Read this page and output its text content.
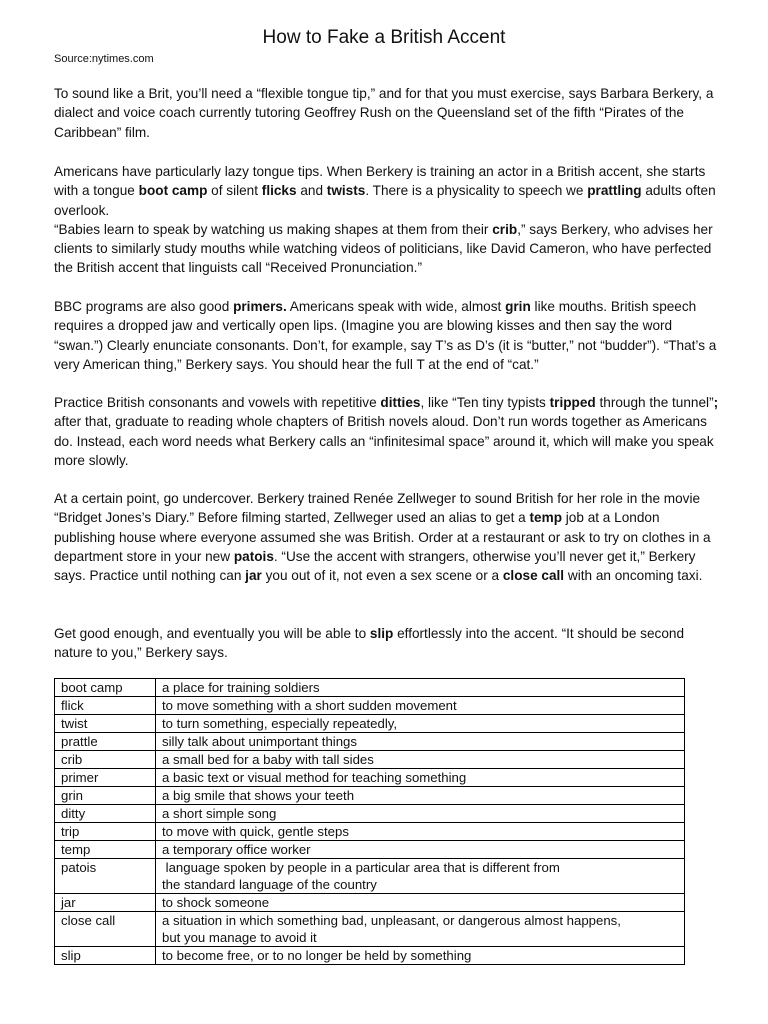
How to Fake a British Accent
Source:nytimes.com

To sound like a Brit, you’ll need a “flexible tongue tip,” and for that you must exercise, says Barbara Berkery, a dialect and voice coach currently tutoring Geoffrey Rush on the Queensland set of the fifth “Pirates of the Caribbean” film.

Americans have particularly lazy tongue tips. When Berkery is training an actor in a British accent, she starts with a tongue boot camp of silent flicks and twists. There is a physicality to speech we prattling adults often overlook.
“Babies learn to speak by watching us making shapes at them from their crib,” says Berkery, who advises her clients to similarly study mouths while watching videos of politicians, like David Cameron, who have perfected the British accent that linguists call “Received Pronunciation.”
BBC programs are also good primers. Americans speak with wide, almost grin like mouths. British speech requires a dropped jaw and vertically open lips. (Imagine you are blowing kisses and then say the word “swan.”) Clearly enunciate consonants. Don’t, for example, say T’s as D’s (it is “butter,” not “budder”). “That’s a very American thing,” Berkery says. You should hear the full T at the end of “cat.”
Practice British consonants and vowels with repetitive ditties, like “Ten tiny typists tripped through the tunnel”; after that, graduate to reading whole chapters of British novels aloud. Don’t run words together as Americans do. Instead, each word needs what Berkery calls an “infinitesimal space” around it, which will make you speak more slowly.
At a certain point, go undercover. Berkery trained Renée Zellweger to sound British for her role in the movie “Bridget Jones’s Diary.” Before filming started, Zellweger used an alias to get a temp job at a London publishing house where everyone assumed she was British. Order at a restaurant or ask to try on clothes in a department store in your new patois. “Use the accent with strangers, otherwise you’ll never get it,” Berkery says. Practice until nothing can jar you out of it, not even a sex scene or a close call with an oncoming taxi.
Get good enough, and eventually you will be able to slip effortlessly into the accent. “It should be second nature to you,” Berkery says.
boot camp	a place for training soldiers
flick	to move something with a short sudden movement
twist	to turn something, especially repeatedly,
prattle	silly talk about unimportant things
crib	a small bed for a baby with tall sides
primer	a basic text or visual method for teaching something
grin	a big smile that shows your teeth
ditty	a short simple song
trip	to move with quick, gentle steps
temp	a temporary office worker
patois	language spoken by people in a particular area that is different from
the standard language of the country
jar	to shock someone
close call	a situation in which something bad, unpleasant, or dangerous almost happens,
but you manage to avoid it
slip	to become free, or to no longer be held by something
